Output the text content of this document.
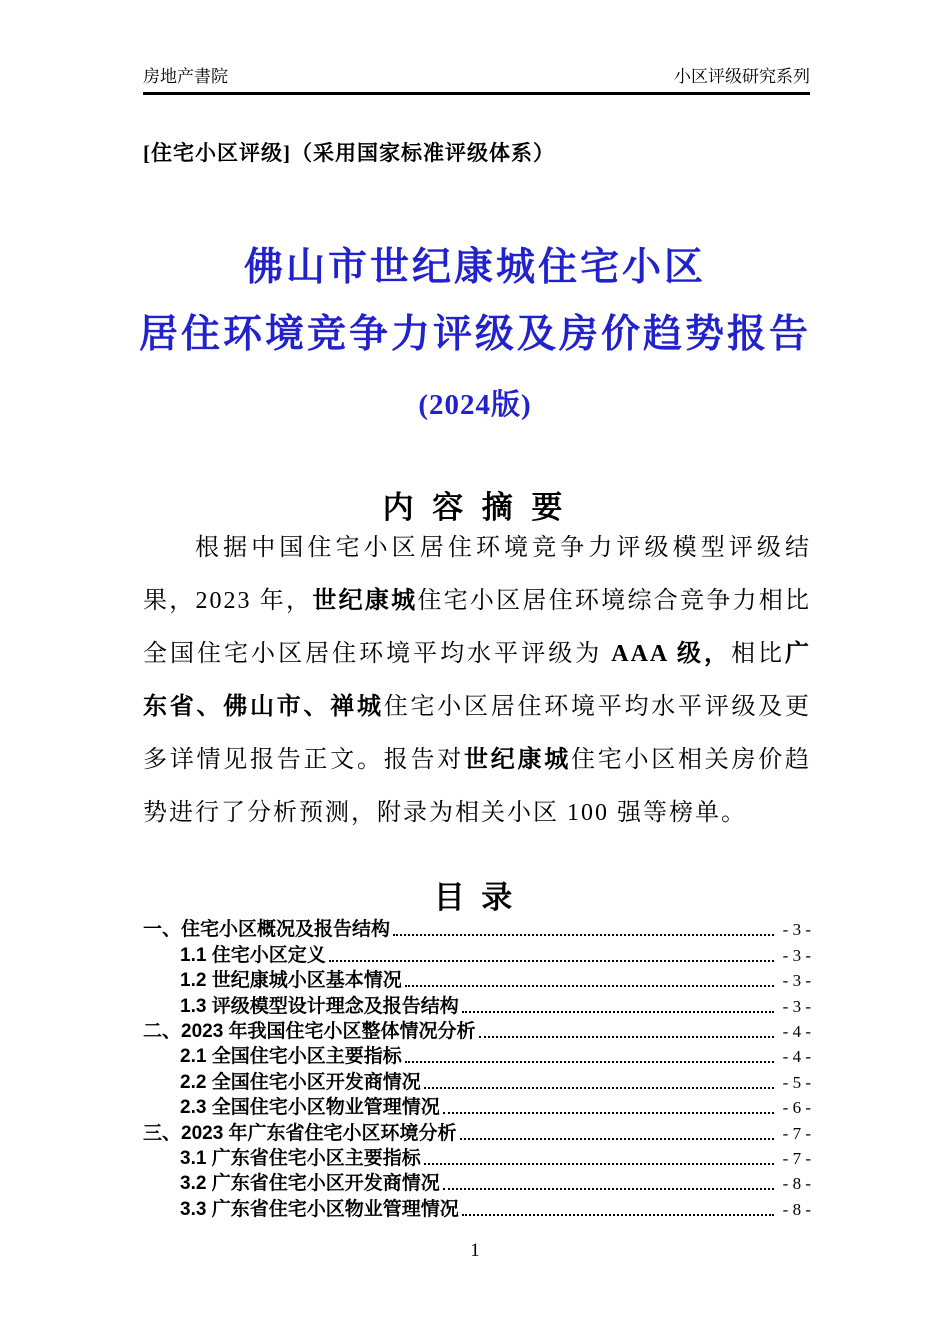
房地产書院	小区评级研究系列
[住宅小区评级]（采用国家标准评级体系）
佛山市世纪康城住宅小区
居住环境竞争力评级及房价趋势报告
(2024版)
内 容 摘 要

根据中国住宅小区居住环境竞争力评级模型评级结果，2023 年，世纪康城住宅小区居住环境综合竞争力相比全国住宅小区居住环境平均水平评级为 AAA 级，相比广东省、佛山市、禅城住宅小区居住环境平均水平评级及更多详情见报告正文。报告对世纪康城住宅小区相关房价趋势进行了分析预测，附录为相关小区 100 强等榜单。

目 录
一、住宅小区概况及报告结构	- 3 -
1.1 住宅小区定义	- 3 -
1.2 世纪康城小区基本情况	- 3 -
1.3 评级模型设计理念及报告结构	- 3 -
二、2023 年我国住宅小区整体情况分析	- 4 -
2.1 全国住宅小区主要指标	- 4 -
2.2 全国住宅小区开发商情况	- 5 -
2.3 全国住宅小区物业管理情况	- 6 -
三、2023 年广东省住宅小区环境分析	- 7 -
3.1 广东省住宅小区主要指标	- 7 -
3.2 广东省住宅小区开发商情况	- 8 -
3.3 广东省住宅小区物业管理情况	- 8 -
1
